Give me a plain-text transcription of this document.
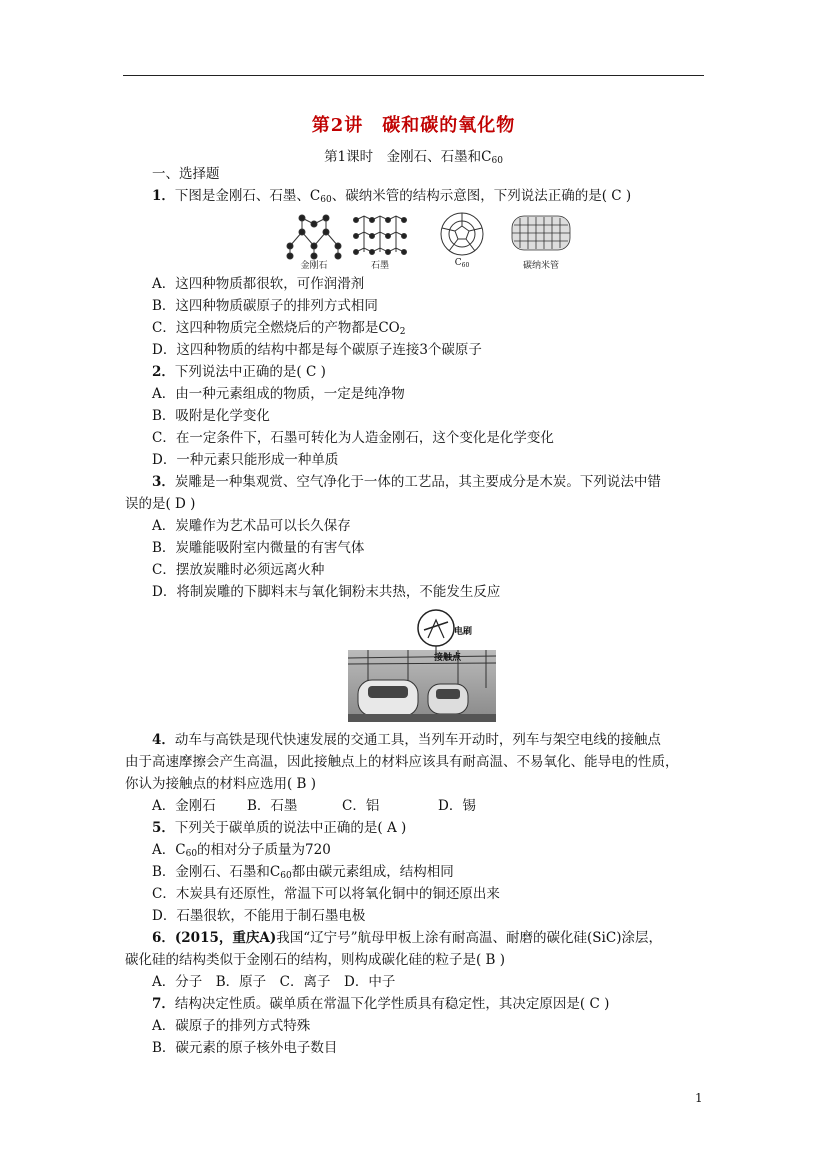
第2讲　碳和碳的氧化物
第1课时　金刚石、石墨和$C_{60}$
一、选择题
1．下图是金刚石、石墨、$C_{60}$、碳纳米管的结构示意图，下列说法正确的是( C )
金刚石	石墨	$C_{60}$	碳纳米管
A．这四种物质都很软，可作润滑剂
B．这四种物质碳原子的排列方式相同
C．这四种物质完全燃烧后的产物都是$CO_2$
D．这四种物质的结构中都是每个碳原子连接3个碳原子
2．下列说法中正确的是( C )
A．由一种元素组成的物质，一定是纯净物
B．吸附是化学变化
C．在一定条件下，石墨可转化为人造金刚石，这个变化是化学变化
D．一种元素只能形成一种单质
3．炭雕是一种集观赏、空气净化于一体的工艺品，其主要成分是木炭。下列说法中错
误的是( D )
A．炭雕作为艺术品可以长久保存
B．炭雕能吸附室内微量的有害气体
C．摆放炭雕时必须远离火种
D．将制炭雕的下脚料末与氧化铜粉末共热，不能发生反应
电刷
接触点
4．动车与高铁是现代快速发展的交通工具，当列车开动时，列车与架空电线的接触点
由于高速摩擦会产生高温，因此接触点上的材料应该具有耐高温、不易氧化、能导电的性质，
你认为接触点的材料应选用( B )
A．金刚石 B．石墨	C．铝	D．锡
5．下列关于碳单质的说法中正确的是( A )
A．$C_{60}$的相对分子质量为720
B．金刚石、石墨和$C_{60}$都由碳元素组成，结构相同
C．木炭具有还原性，常温下可以将氧化铜中的铜还原出来
D．石墨很软，不能用于制石墨电极
6．(2015，重庆A)我国“辽宁号”航母甲板上涂有耐高温、耐磨的碳化硅(SiC)涂层，
碳化硅的结构类似于金刚石的结构，则构成碳化硅的粒子是( B )
A．分子　B．原子　C．离子　D．中子
7．结构决定性质。碳单质在常温下化学性质具有稳定性，其决定原因是( C )
A．碳原子的排列方式特殊
B．碳元素的原子核外电子数目
1
